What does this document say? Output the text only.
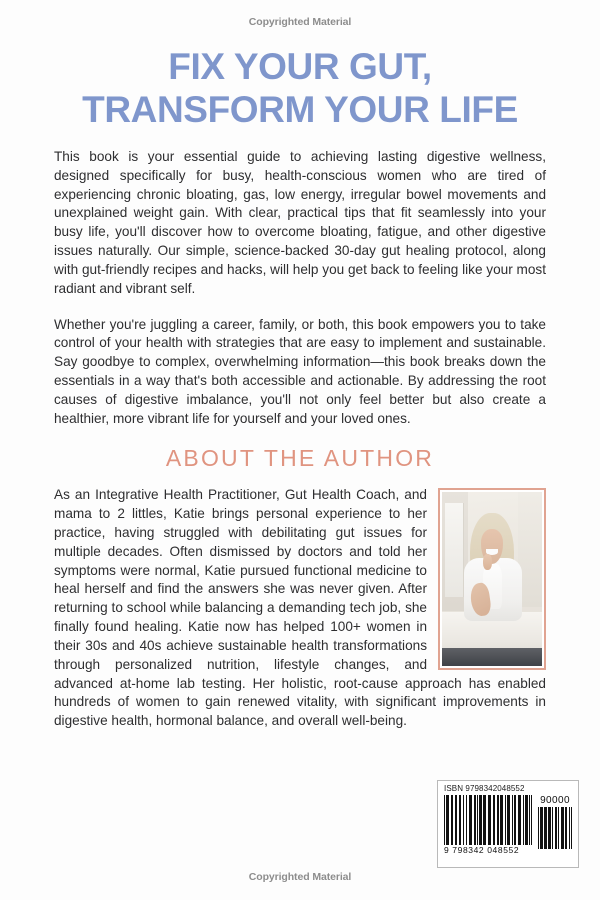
Copyrighted Material
FIX YOUR GUT,
TRANSFORM YOUR LIFE

This book is your essential guide to achieving lasting digestive wellness, designed specifically for busy, health-conscious women who are tired of experiencing chronic bloating, gas, low energy, irregular bowel movements and unexplained weight gain. With clear, practical tips that fit seamlessly into your busy life, you'll discover how to overcome bloating, fatigue, and other digestive issues naturally. Our simple, science-backed 30-day gut healing protocol, along with gut-friendly recipes and hacks, will help you get back to feeling like your most radiant and vibrant self.

Whether you're juggling a career, family, or both, this book empowers you to take control of your health with strategies that are easy to implement and sustainable. Say goodbye to complex, overwhelming information—this book breaks down the essentials in a way that's both accessible and actionable. By addressing the root causes of digestive imbalance, you'll not only feel better but also create a healthier, more vibrant life for yourself and your loved ones.

ABOUT THE AUTHOR

As an Integrative Health Practitioner, Gut Health Coach, and mama to 2 littles, Katie brings personal experience to her practice, having struggled with debilitating gut issues for multiple decades. Often dismissed by doctors and told her symptoms were normal, Katie pursued functional medicine to heal herself and find the answers she was never given. After returning to school while balancing a demanding tech job, she finally found healing. Katie now has helped 100+ women in their 30s and 40s achieve sustainable health transformations through personalized nutrition, lifestyle changes, and advanced at-home lab testing. Her holistic, root-cause approach has enabled hundreds of women to gain renewed vitality, with significant improvements in digestive health, hormonal balance, and overall well-being.

ISBN 9798342048552
9 798342 048552
90000
Copyrighted Material
